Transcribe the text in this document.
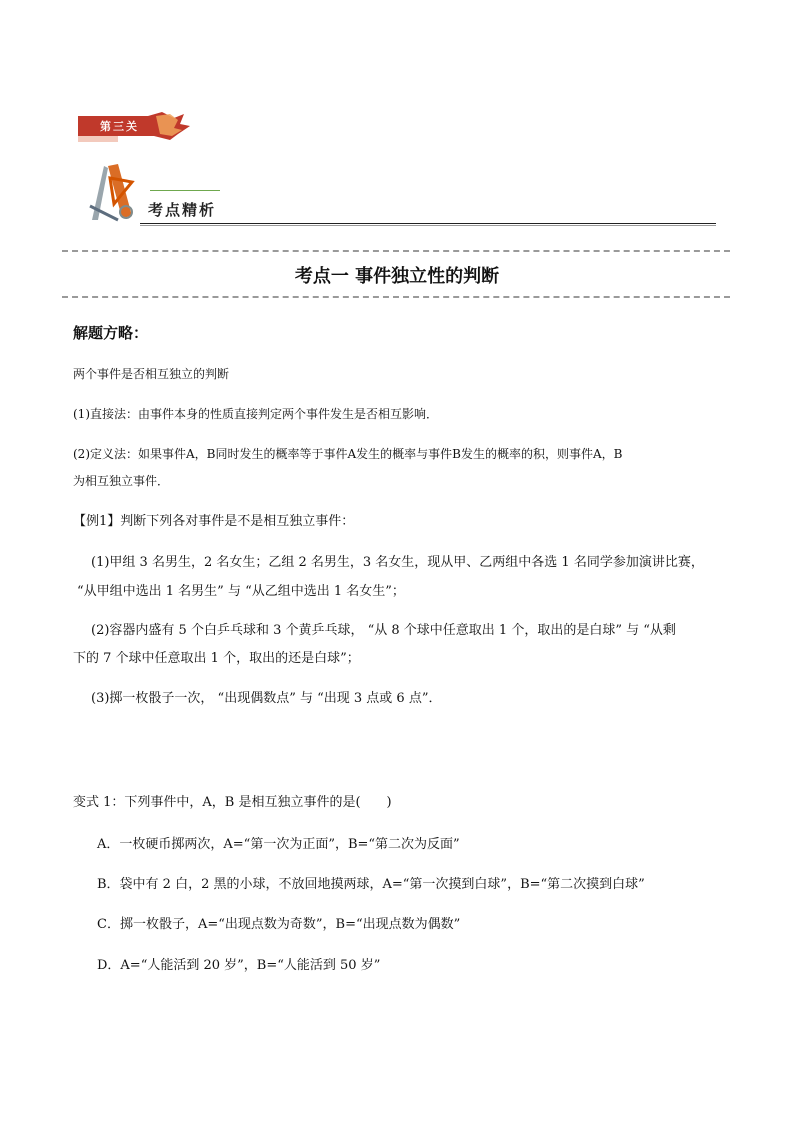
第三关
考点精析
考点一 事件独立性的判断
解题方略：
两个事件是否相互独立的判断
(1)直接法：由事件本身的性质直接判定两个事件发生是否相互影响．
(2)定义法：如果事件A，B同时发生的概率等于事件A发生的概率与事件B发生的概率的积，则事件A，B
为相互独立事件．
【例1】判断下列各对事件是不是相互独立事件：
(1)甲组 3 名男生，2 名女生；乙组 2 名男生，3 名女生，现从甲、乙两组中各选 1 名同学参加演讲比赛，
“从甲组中选出 1 名男生” 与 “从乙组中选出 1 名女生”；
(2)容器内盛有 5 个白乒乓球和 3 个黄乒乓球， “从 8 个球中任意取出 1 个，取出的是白球” 与 “从剩
下的 7 个球中任意取出 1 个，取出的还是白球”；
(3)掷一枚骰子一次， “出现偶数点” 与 “出现 3 点或 6 点”．
变式 1：下列事件中，A，B 是相互独立事件的是(　　)
A．一枚硬币掷两次，A=“第一次为正面”，B=“第二次为反面”
B．袋中有 2 白，2 黑的小球，不放回地摸两球，A=“第一次摸到白球”，B=“第二次摸到白球”
C．掷一枚骰子，A=“出现点数为奇数”，B=“出现点数为偶数”
D．A=“人能活到 20 岁”，B=“人能活到 50 岁”
